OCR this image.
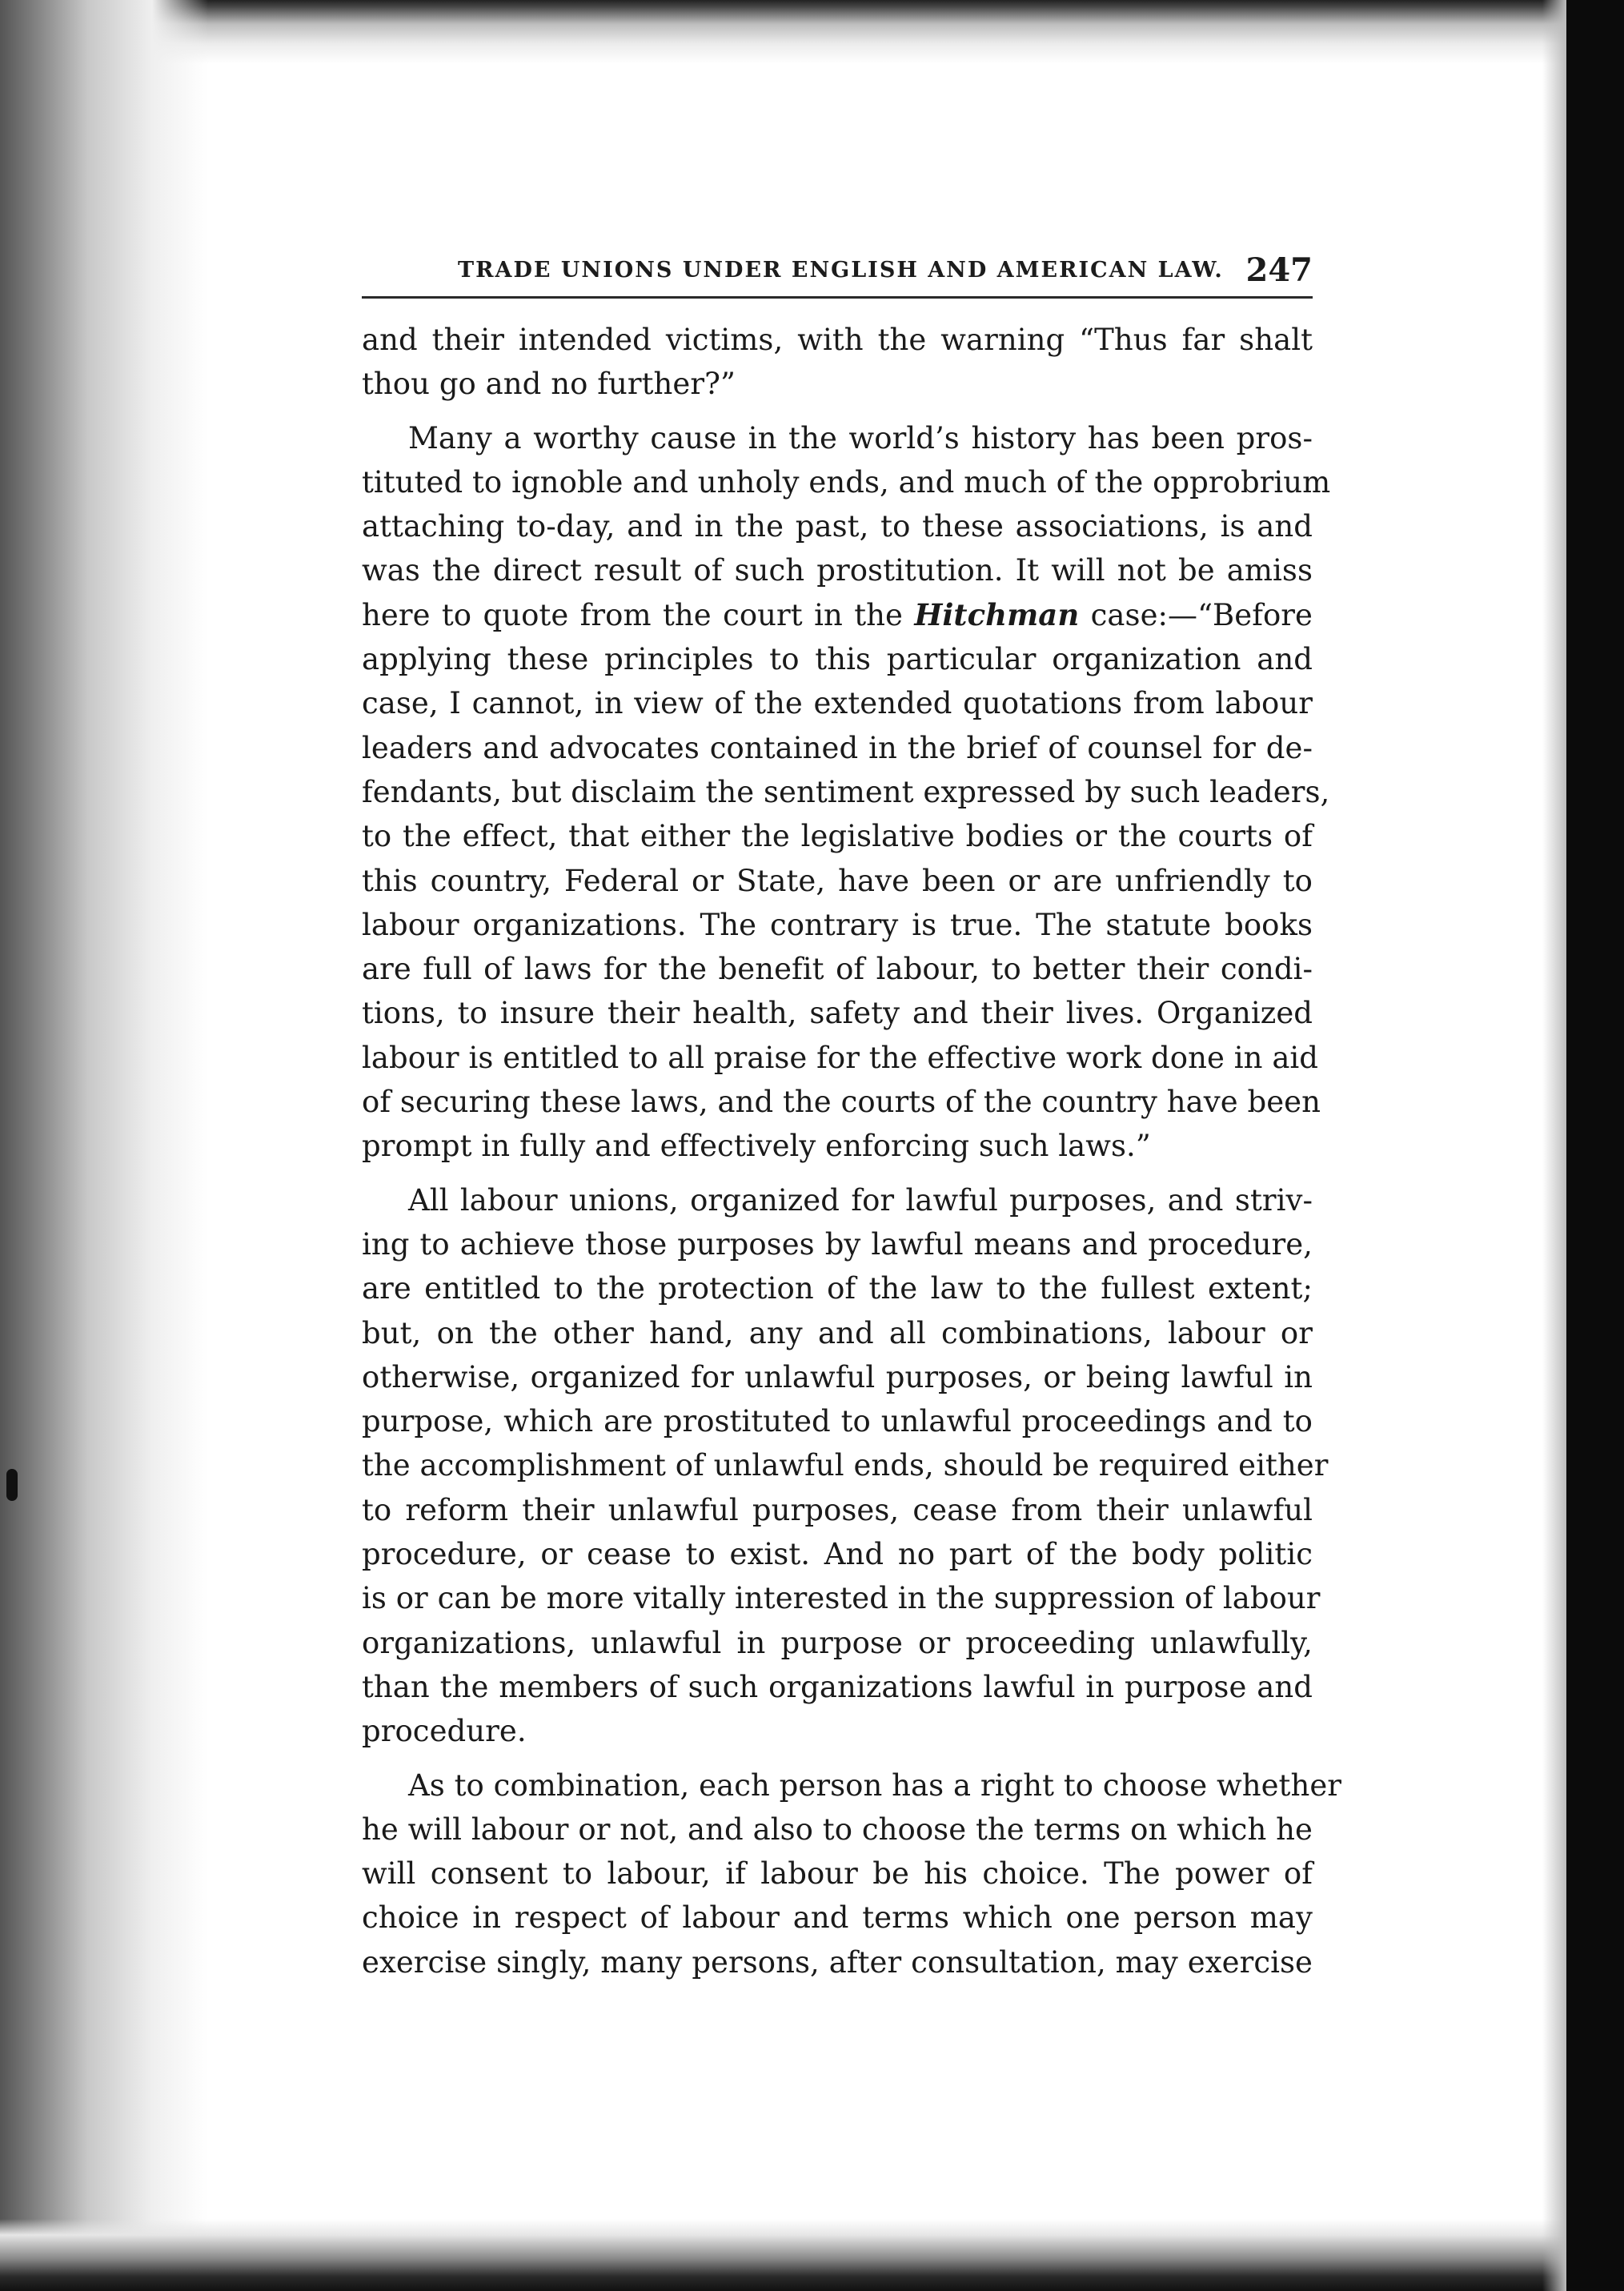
TRADE UNIONS UNDER ENGLISH AND AMERICAN LAW. 247
and their intended victims, with the warning “Thus far shalt
thou go and no further?”
Many a worthy cause in the world’s history has been pros-
tituted to ignoble and unholy ends, and much of the opprobrium
attaching to-day, and in the past, to these associations, is and
was the direct result of such prostitution. It will not be amiss
here to quote from the court in the Hitchman case:—“Before
applying these principles to this particular organization and
case, I cannot, in view of the extended quotations from labour
leaders and advocates contained in the brief of counsel for de-
fendants, but disclaim the sentiment expressed by such leaders,
to the effect, that either the legislative bodies or the courts of
this country, Federal or State, have been or are unfriendly to
labour organizations. The contrary is true. The statute books
are full of laws for the benefit of labour, to better their condi-
tions, to insure their health, safety and their lives. Organized
labour is entitled to all praise for the effective work done in aid
of securing these laws, and the courts of the country have been
prompt in fully and effectively enforcing such laws.”
All labour unions, organized for lawful purposes, and striv-
ing to achieve those purposes by lawful means and procedure,
are entitled to the protection of the law to the fullest extent;
but, on the other hand, any and all combinations, labour or
otherwise, organized for unlawful purposes, or being lawful in
purpose, which are prostituted to unlawful proceedings and to
the accomplishment of unlawful ends, should be required either
to reform their unlawful purposes, cease from their unlawful
procedure, or cease to exist. And no part of the body politic
is or can be more vitally interested in the suppression of labour
organizations, unlawful in purpose or proceeding unlawfully,
than the members of such organizations lawful in purpose and
procedure.
As to combination, each person has a right to choose whether
he will labour or not, and also to choose the terms on which he
will consent to labour, if labour be his choice. The power of
choice in respect of labour and terms which one person may
exercise singly, many persons, after consultation, may exercise
